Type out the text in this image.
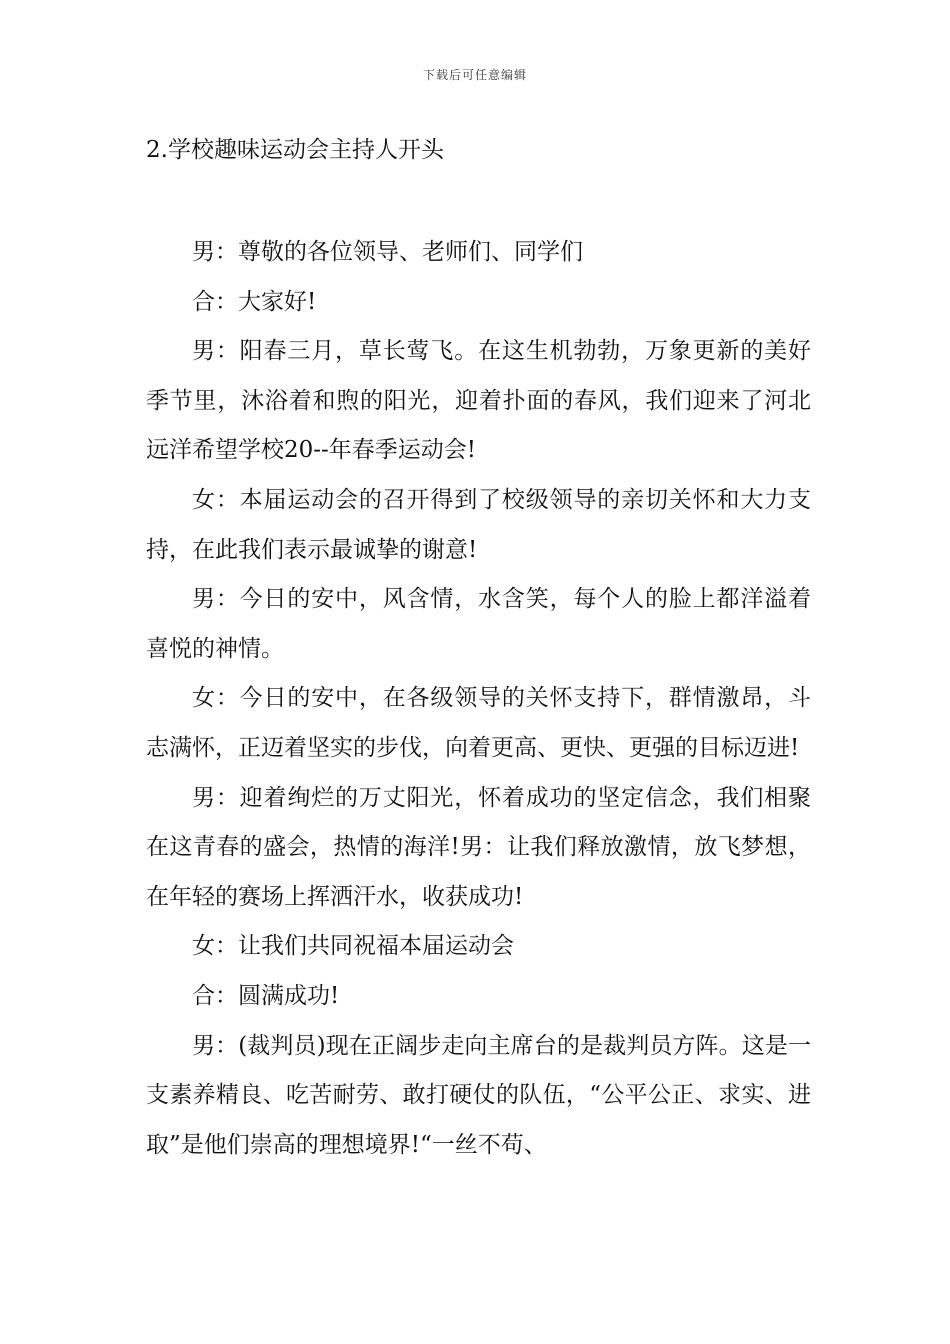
下载后可任意编辑
2.学校趣味运动会主持人开头

男：尊敬的各位领导、老师们、同学们

合：大家好!

男：阳春三月，草长莺飞。在这生机勃勃，万象更新的美好季节里，沐浴着和煦的阳光，迎着扑面的春风，我们迎来了河北远洋希望学校20--年春季运动会!

女：本届运动会的召开得到了校级领导的亲切关怀和大力支持，在此我们表示最诚挚的谢意!

男：今日的安中，风含情，水含笑，每个人的脸上都洋溢着喜悦的神情。

女：今日的安中，在各级领导的关怀支持下，群情激昂，斗志满怀，正迈着坚实的步伐，向着更高、更快、更强的目标迈进!

男：迎着绚烂的万丈阳光，怀着成功的坚定信念，我们相聚在这青春的盛会，热情的海洋!男：让我们释放激情，放飞梦想，在年轻的赛场上挥洒汗水，收获成功!

女：让我们共同祝福本届运动会

合：圆满成功!

男：(裁判员)现在正阔步走向主席台的是裁判员方阵。这是一支素养精良、吃苦耐劳、敢打硬仗的队伍，“公平公正、求实、进取”是他们崇高的理想境界!“一丝不苟、
